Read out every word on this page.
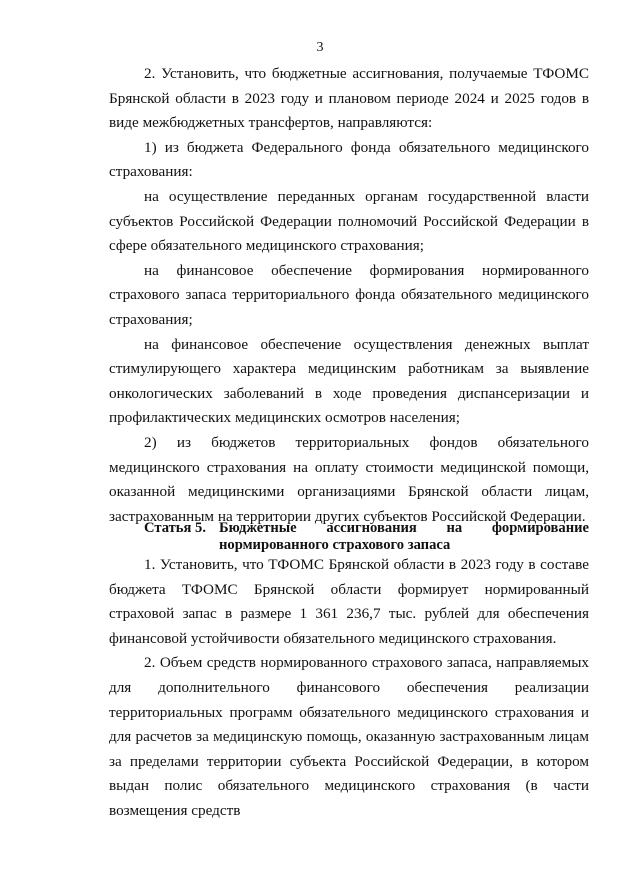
3

2. Установить, что бюджетные ассигнования, получаемые ТФОМС Брянской области в 2023 году и плановом периоде 2024 и 2025 годов в виде межбюджетных трансфертов, направляются:

1) из бюджета Федерального фонда обязательного медицинского страхования:

на осуществление переданных органам государственной власти субъектов Российской Федерации полномочий Российской Федерации в сфере обязательного медицинского страхования;

на финансовое обеспечение формирования нормированного страхового запаса территориального фонда обязательного медицинского страхования;

на финансовое обеспечение осуществления денежных выплат стимулирующего характера медицинским работникам за выявление онкологических заболеваний в ходе проведения диспансеризации и профилактических медицинских осмотров населения;

2) из бюджетов территориальных фондов обязательного медицинского страхования на оплату стоимости медицинской помощи, оказанной медицинскими организациями Брянской области лицам, застрахованным на территории других субъектов Российской Федерации.

Статья 5. Бюджетные ассигнования на формирование
нормированного страхового запаса

1. Установить, что ТФОМС Брянской области в 2023 году в составе бюджета ТФОМС Брянской области формирует нормированный страховой запас в размере 1 361 236,7 тыс. рублей для обеспечения финансовой устойчивости обязательного медицинского страхования.

2. Объем средств нормированного страхового запаса, направляемых для дополнительного финансового обеспечения реализации территориальных программ обязательного медицинского страхования и для расчетов за медицинскую помощь, оказанную застрахованным лицам за пределами территории субъекта Российской Федерации, в котором выдан полис обязательного медицинского страхования (в части возмещения средств
